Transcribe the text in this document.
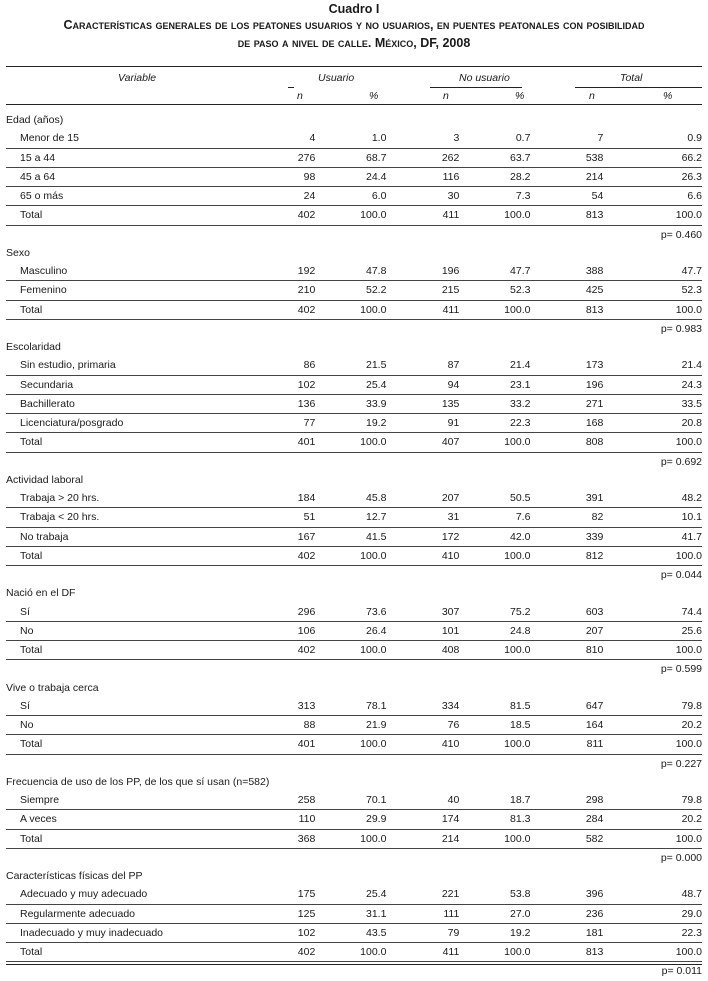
Cuadro I
Características generales de los peatones usuarios y no usuarios, en puentes peatonales con posibilidad
de paso a nivel de calle. México, DF, 2008
Variable	Usuario	No usuario	Total
n	%	n	%	n	%
Edad (años)						
Menor de 15	4	1.0	3	0.7	7	0.9
15 a 44	276	68.7	262	63.7	538	66.2
45 a 64	98	24.4	116	28.2	214	26.3
65 o más	24	6.0	30	7.3	54	6.6
Total	402	100.0	411	100.0	813	100.0
p= 0.460						
Sexo						
Masculino	192	47.8	196	47.7	388	47.7
Femenino	210	52.2	215	52.3	425	52.3
Total	402	100.0	411	100.0	813	100.0
p= 0.983						
Escolaridad						
Sin estudio, primaria	86	21.5	87	21.4	173	21.4
Secundaria	102	25.4	94	23.1	196	24.3
Bachillerato	136	33.9	135	33.2	271	33.5
Licenciatura/posgrado	77	19.2	91	22.3	168	20.8
Total	401	100.0	407	100.0	808	100.0
p= 0.692						
Actividad laboral						
Trabaja > 20 hrs.	184	45.8	207	50.5	391	48.2
Trabaja < 20 hrs.	51	12.7	31	7.6	82	10.1
No trabaja	167	41.5	172	42.0	339	41.7
Total	402	100.0	410	100.0	812	100.0
p= 0.044						
Nació en el DF						
Sí	296	73.6	307	75.2	603	74.4
No	106	26.4	101	24.8	207	25.6
Total	402	100.0	408	100.0	810	100.0
p= 0.599						
Vive o trabaja cerca						
Sí	313	78.1	334	81.5	647	79.8
No	88	21.9	76	18.5	164	20.2
Total	401	100.0	410	100.0	811	100.0
p= 0.227						
Frecuencia de uso de los PP, de los que sí usan (n=582)						
Siempre	258	70.1	40	18.7	298	79.8
A veces	110	29.9	174	81.3	284	20.2
Total	368	100.0	214	100.0	582	100.0
p= 0.000						
Características físicas del PP						
Adecuado y muy adecuado	175	25.4	221	53.8	396	48.7
Regularmente adecuado	125	31.1	111	27.0	236	29.0
Inadecuado y muy inadecuado	102	43.5	79	19.2	181	22.3
Total	402	100.0	411	100.0	813	100.0
p= 0.011						
